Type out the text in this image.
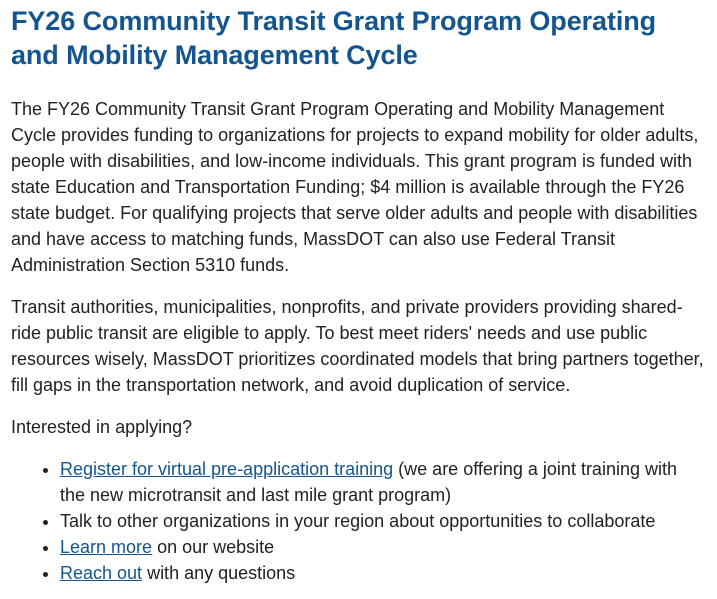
FY26 Community Transit Grant Program Operating and Mobility Management Cycle

The FY26 Community Transit Grant Program Operating and Mobility Management Cycle provides funding to organizations for projects to expand mobility for older adults, people with disabilities, and low-income individuals. This grant program is funded with state Education and Transportation Funding; $4 million is available through the FY26 state budget. For qualifying projects that serve older adults and people with disabilities and have access to matching funds, MassDOT can also use Federal Transit Administration Section 5310 funds.

Transit authorities, municipalities, nonprofits, and private providers providing shared-ride public transit are eligible to apply. To best meet riders' needs and use public resources wisely, MassDOT prioritizes coordinated models that bring partners together, fill gaps in the transportation network, and avoid duplication of service.

Interested in applying?

• Register for virtual pre-application training (we are offering a joint training with the new microtransit and last mile grant program)
• Talk to other organizations in your region about opportunities to collaborate
• Learn more on our website
• Reach out with any questions
